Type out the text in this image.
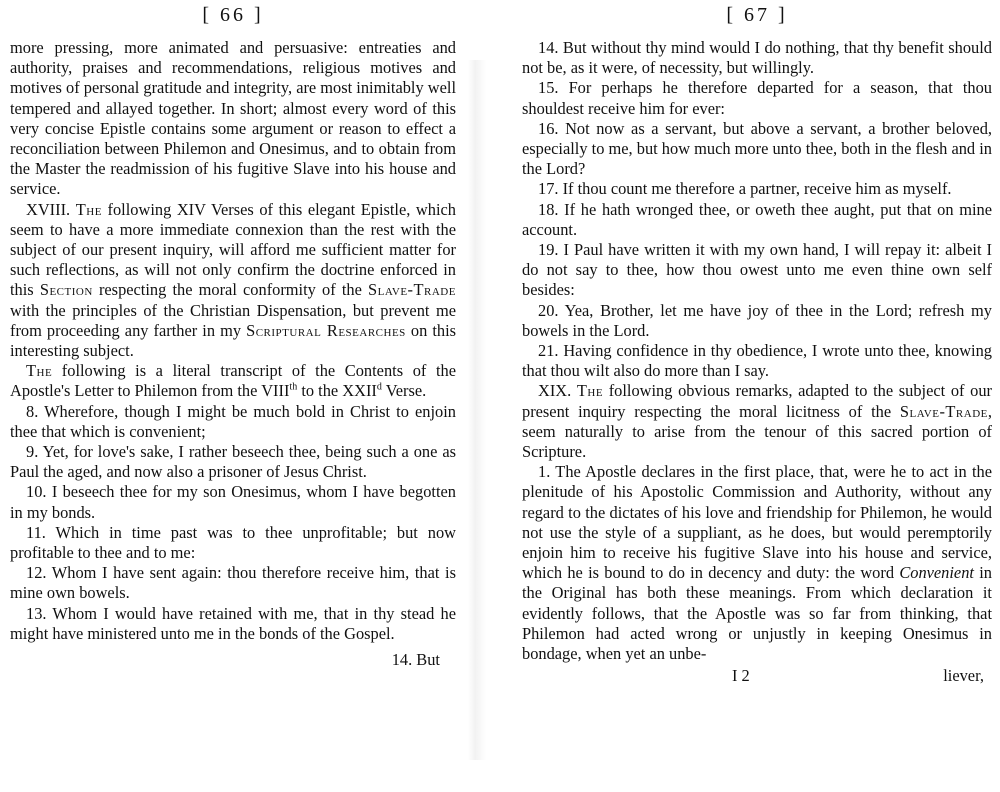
[ 66 ]

more pressing, more animated and persuasive: entreaties and authority, praises and recommendations, religious motives and motives of personal gratitude and integrity, are most inimitably well tempered and allayed together. In short; almost every word of this very concise Epistle contains some argument or reason to effect a reconciliation between Philemon and Onesimus, and to obtain from the Master the readmission of his fugitive Slave into his house and service.

XVIII. The following XIV Verses of this elegant Epistle, which seem to have a more immediate connexion than the rest with the subject of our present inquiry, will afford me sufficient matter for such reflections, as will not only confirm the doctrine enforced in this Section respecting the moral conformity of the Slave-Trade with the principles of the Christian Dispensation, but prevent me from proceeding any farther in my Scriptural Researches on this interesting subject.

The following is a literal transcript of the Contents of the Apostle's Letter to Philemon from the VIIIth to the XXII$^d$ Verse.

8. Wherefore, though I might be much bold in Christ to enjoin thee that which is convenient;

9. Yet, for love's sake, I rather beseech thee, being such a one as Paul the aged, and now also a prisoner of Jesus Christ.

10. I beseech thee for my son Onesimus, whom I have begotten in my bonds.

11. Which in time past was to thee unprofitable; but now profitable to thee and to me:

12. Whom I have sent again: thou therefore receive him, that is mine own bowels.

13. Whom I would have retained with me, that in thy stead he might have ministered unto me in the bonds of the Gospel.

14. But
[ 67 ]

14. But without thy mind would I do nothing, that thy benefit should not be, as it were, of necessity, but willingly.

15. For perhaps he therefore departed for a season, that thou shouldest receive him for ever:

16. Not now as a servant, but above a servant, a brother beloved, especially to me, but how much more unto thee, both in the flesh and in the Lord?

17. If thou count me therefore a partner, receive him as myself.

18. If he hath wronged thee, or oweth thee aught, put that on mine account.

19. I Paul have written it with my own hand, I will repay it: albeit I do not say to thee, how thou owest unto me even thine own self besides:

20. Yea, Brother, let me have joy of thee in the Lord; refresh my bowels in the Lord.

21. Having confidence in thy obedience, I wrote unto thee, knowing that thou wilt also do more than I say.

XIX. The following obvious remarks, adapted to the subject of our present inquiry respecting the moral licitness of the Slave-Trade, seem naturally to arise from the tenour of this sacred portion of Scripture.

1. The Apostle declares in the first place, that, were he to act in the plenitude of his Apostolic Commission and Authority, without any regard to the dictates of his love and friendship for Philemon, he would not use the style of a suppliant, as he does, but would peremptorily enjoin him to receive his fugitive Slave into his house and service, which he is bound to do in decency and duty: the word Convenient in the Original has both these meanings. From which declaration it evidently follows, that the Apostle was so far from thinking, that Philemon had acted wrong or unjustly in keeping Onesimus in bondage, when yet an unbe-

I 2	liever,
